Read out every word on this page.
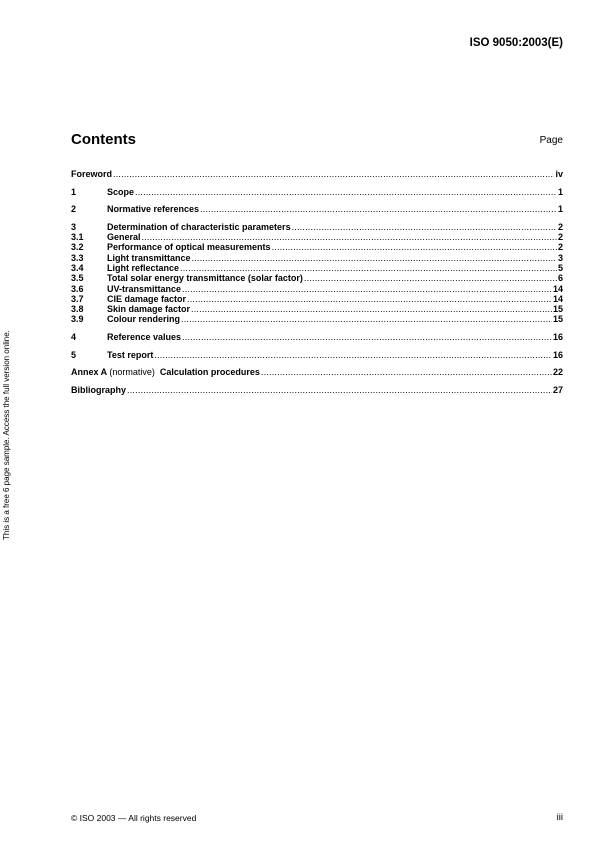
ISO 9050:2003(E)
This is a free 6 page sample. Access the full version online.
Contents	Page
Foreword .....	iv
1	Scope .....	1
2	Normative references .....	1
3	Determination of characteristic parameters .....	2
3.1	General .....	2
3.2	Performance of optical measurements .....	2
3.3	Light transmittance .....	3
3.4	Light reflectance .....	5
3.5	Total solar energy transmittance (solar factor) .....	6
3.6	UV-transmittance .....	14
3.7	CIE damage factor .....	14
3.8	Skin damage factor .....	15
3.9	Colour rendering .....	15
4	Reference values .....	16
5	Test report .....	16
Annex A (normative) Calculation procedures .....	22
Bibliography .....	27
© ISO 2003 — All rights reserved	iii
